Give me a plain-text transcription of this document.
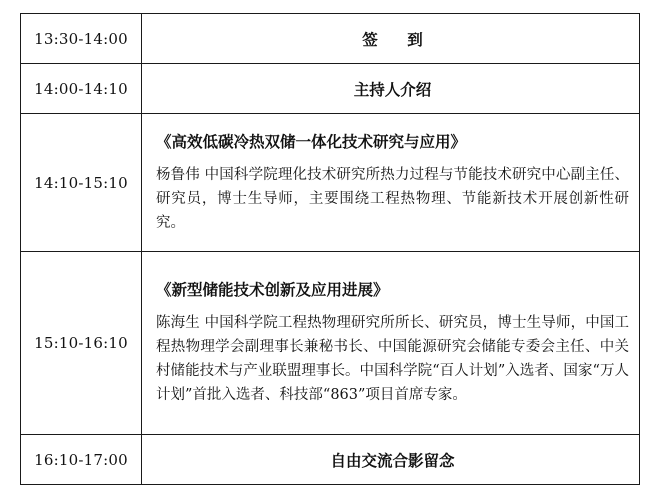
13:30-14:00	签 到

14:00-14:10	主持人介绍

14:10-15:10	《高效低碳冷热双储一体化技术研究与应用》
杨鲁伟 中国科学院理化技术研究所热力过程与节能技术研究中心副主任、研究员，博士生导师，主要围绕工程热物理、节能新技术开展创新性研究。

15:10-16:10	《新型储能技术创新及应用进展》
陈海生 中国科学院工程热物理研究所所长、研究员，博士生导师，中国工程热物理学会副理事长兼秘书长、中国能源研究会储能专委会主任、中关村储能技术与产业联盟理事长。中国科学院“百人计划”入选者、国家“万人计划”首批入选者、科技部“863”项目首席专家。

16:10-17:00	自由交流合影留念
